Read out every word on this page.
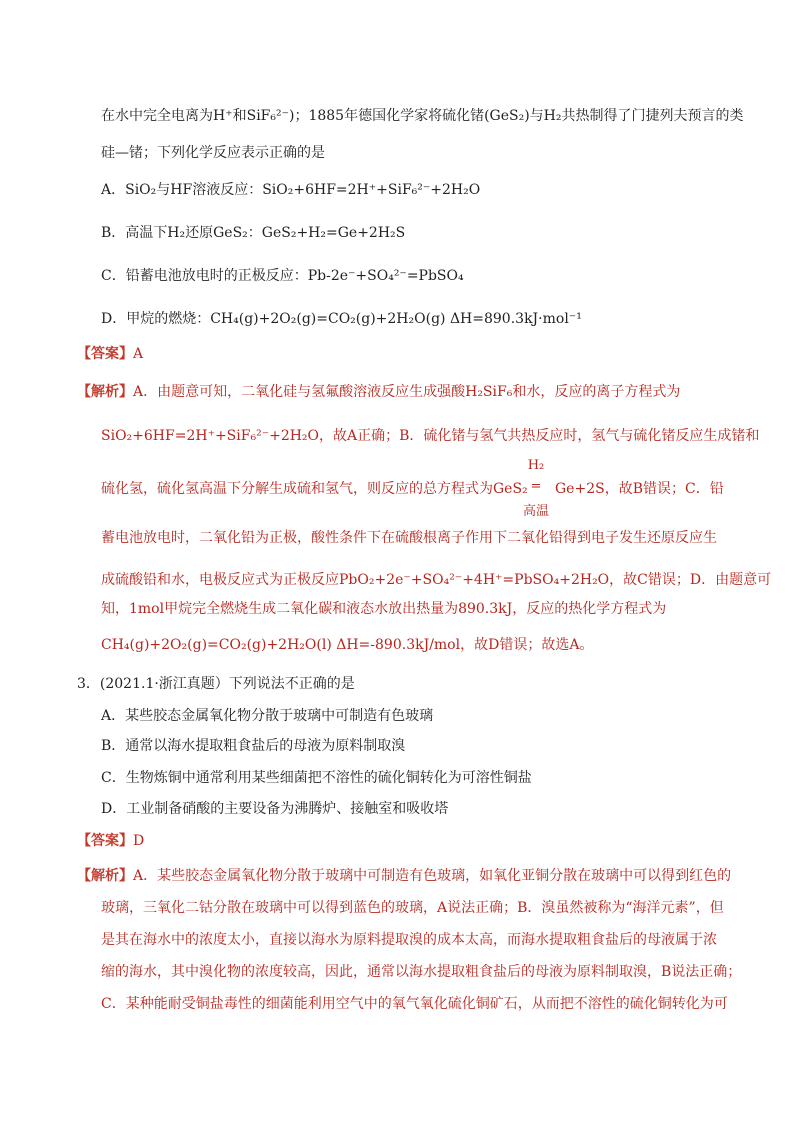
在水中完全电离为H⁺和SiF₆²⁻)；1885年德国化学家将硫化锗(GeS₂)与H₂共热制得了门捷列夫预言的类
硅—锗；下列化学反应表示正确的是
A．SiO₂与HF溶液反应：SiO₂+6HF=2H⁺+SiF₆²⁻+2H₂O
B．高温下H₂还原GeS₂：GeS₂+H₂=Ge+2H₂S
C．铅蓄电池放电时的正极反应：Pb-2e⁻+SO₄²⁻=PbSO₄
D．甲烷的燃烧：CH₄(g)+2O₂(g)=CO₂(g)+2H₂O(g) ΔH=890.3kJ·mol⁻¹
【答案】A
【解析】A．由题意可知，二氧化硅与氢氟酸溶液反应生成强酸H₂SiF₆和水，反应的离子方程式为
SiO₂+6HF=2H⁺+SiF₆²⁻+2H₂O，故A正确；B．硫化锗与氢气共热反应时，氢气与硫化锗反应生成锗和
硫化氢，硫化氢高温下分解生成硫和氢气，则反应的总方程式为GeS₂
H₂
=
高温
Ge+2S，故B错误；C．铅
蓄电池放电时，二氧化铅为正极，酸性条件下在硫酸根离子作用下二氧化铅得到电子发生还原反应生
成硫酸铅和水，电极反应式为正极反应PbO₂+2e⁻+SO₄²⁻+4H⁺=PbSO₄+2H₂O，故C错误；D．由题意可
知，1mol甲烷完全燃烧生成二氧化碳和液态水放出热量为890.3kJ，反应的热化学方程式为
CH₄(g)+2O₂(g)=CO₂(g)+2H₂O(l) ΔH=-890.3kJ/mol，故D错误；故选A。
3．(2021.1·浙江真题）下列说法不正确的是
A．某些胶态金属氧化物分散于玻璃中可制造有色玻璃
B．通常以海水提取粗食盐后的母液为原料制取溴
C．生物炼铜中通常利用某些细菌把不溶性的硫化铜转化为可溶性铜盐
D．工业制备硝酸的主要设备为沸腾炉、接触室和吸收塔
【答案】D
【解析】A．某些胶态金属氧化物分散于玻璃中可制造有色玻璃，如氧化亚铜分散在玻璃中可以得到红色的
玻璃，三氧化二钴分散在玻璃中可以得到蓝色的玻璃，A说法正确；B．溴虽然被称为“海洋元素”，但
是其在海水中的浓度太小，直接以海水为原料提取溴的成本太高，而海水提取粗食盐后的母液属于浓
缩的海水，其中溴化物的浓度较高，因此，通常以海水提取粗食盐后的母液为原料制取溴，B说法正确；
C．某种能耐受铜盐毒性的细菌能利用空气中的氧气氧化硫化铜矿石，从而把不溶性的硫化铜转化为可
